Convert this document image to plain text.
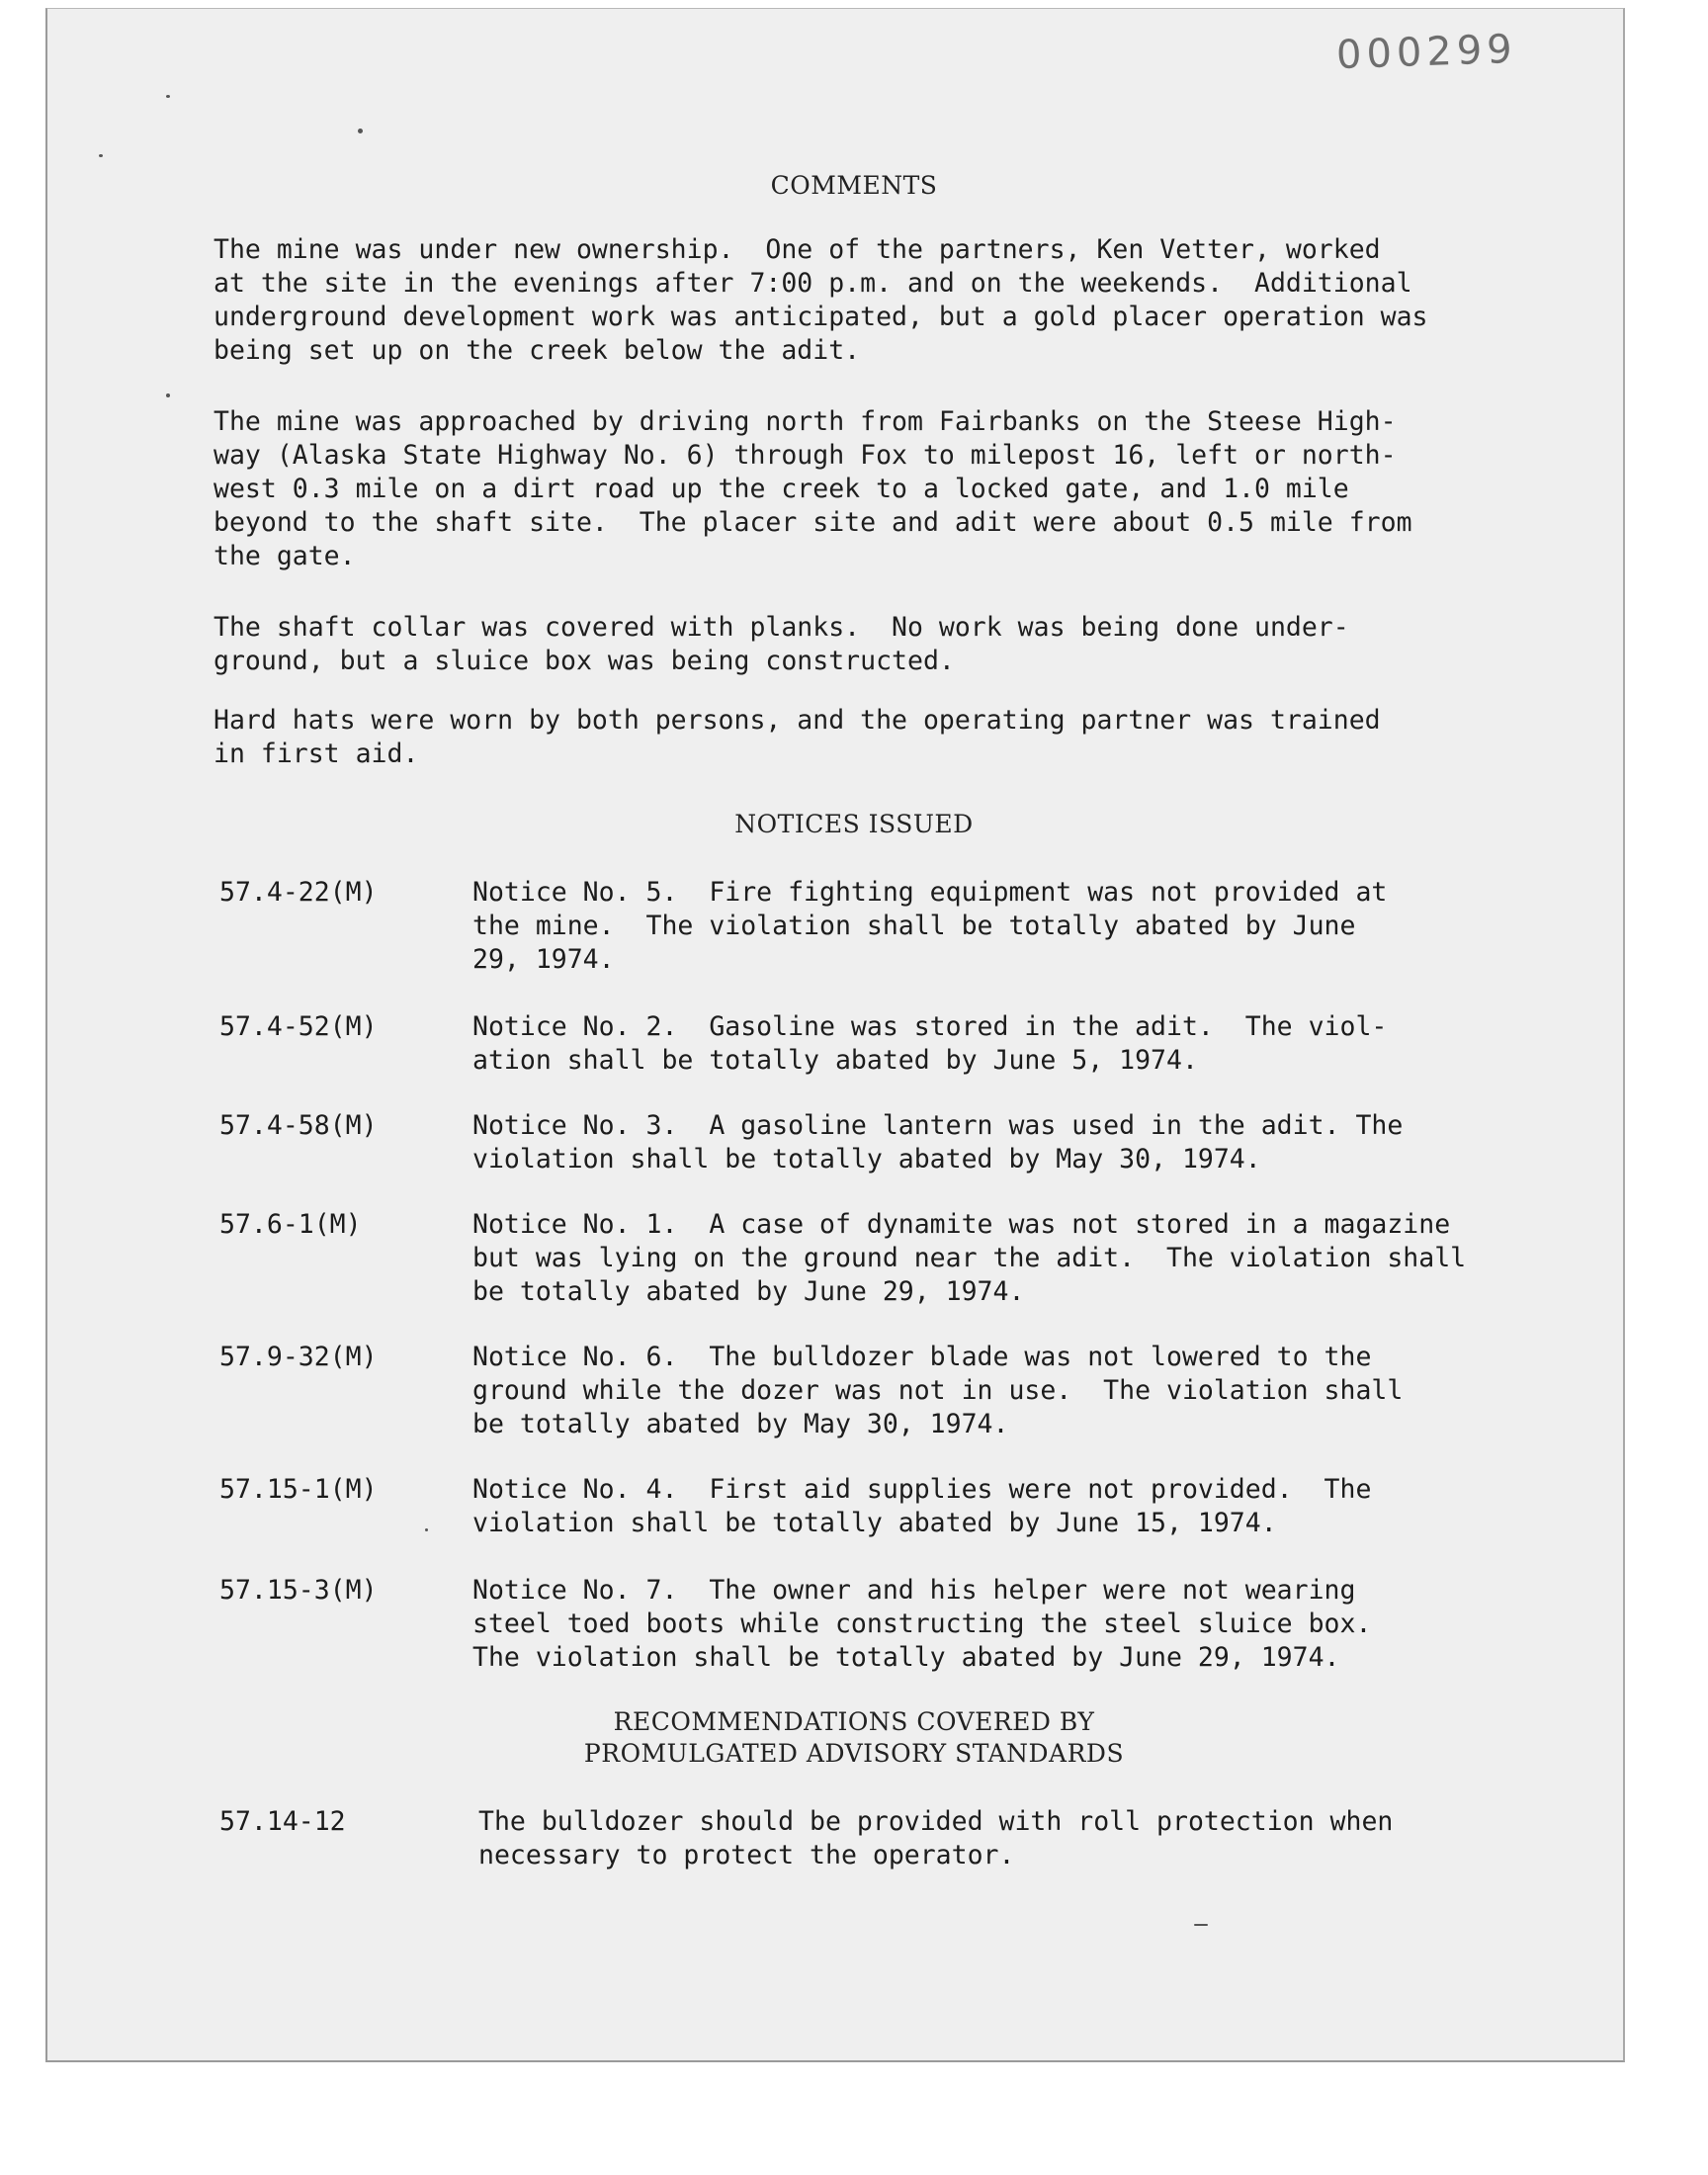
000299
COMMENTS

The mine was under new ownership.  One of the partners, Ken Vetter, worked
at the site in the evenings after 7:00 p.m. and on the weekends.  Additional
underground development work was anticipated, but a gold placer operation was
being set up on the creek below the adit.

The mine was approached by driving north from Fairbanks on the Steese High-
way (Alaska State Highway No. 6) through Fox to milepost 16, left or north-
west 0.3 mile on a dirt road up the creek to a locked gate, and 1.0 mile
beyond to the shaft site.  The placer site and adit were about 0.5 mile from
the gate.

The shaft collar was covered with planks.  No work was being done under-
ground, but a sluice box was being constructed.

Hard hats were worn by both persons, and the operating partner was trained
in first aid.

NOTICES ISSUED
57.4-22(M)	Notice No. 5.  Fire fighting equipment was not provided at
the mine.  The violation shall be totally abated by June
29, 1974.

57.4-52(M)	Notice No. 2.  Gasoline was stored in the adit.  The viol-
ation shall be totally abated by June 5, 1974.

57.4-58(M)	Notice No. 3.  A gasoline lantern was used in the adit. The
violation shall be totally abated by May 30, 1974.

57.6-1(M)	Notice No. 1.  A case of dynamite was not stored in a magazine
but was lying on the ground near the adit.  The violation shall
be totally abated by June 29, 1974.

57.9-32(M)	Notice No. 6.  The bulldozer blade was not lowered to the
ground while the dozer was not in use.  The violation shall
be totally abated by May 30, 1974.

57.15-1(M)	Notice No. 4.  First aid supplies were not provided.  The
violation shall be totally abated by June 15, 1974.

57.15-3(M)	Notice No. 7.  The owner and his helper were not wearing
steel toed boots while constructing the steel sluice box.
The violation shall be totally abated by June 29, 1974.

RECOMMENDATIONS COVERED BY
PROMULGATED ADVISORY STANDARDS
57.14-12	The bulldozer should be provided with roll protection when
necessary to protect the operator.
